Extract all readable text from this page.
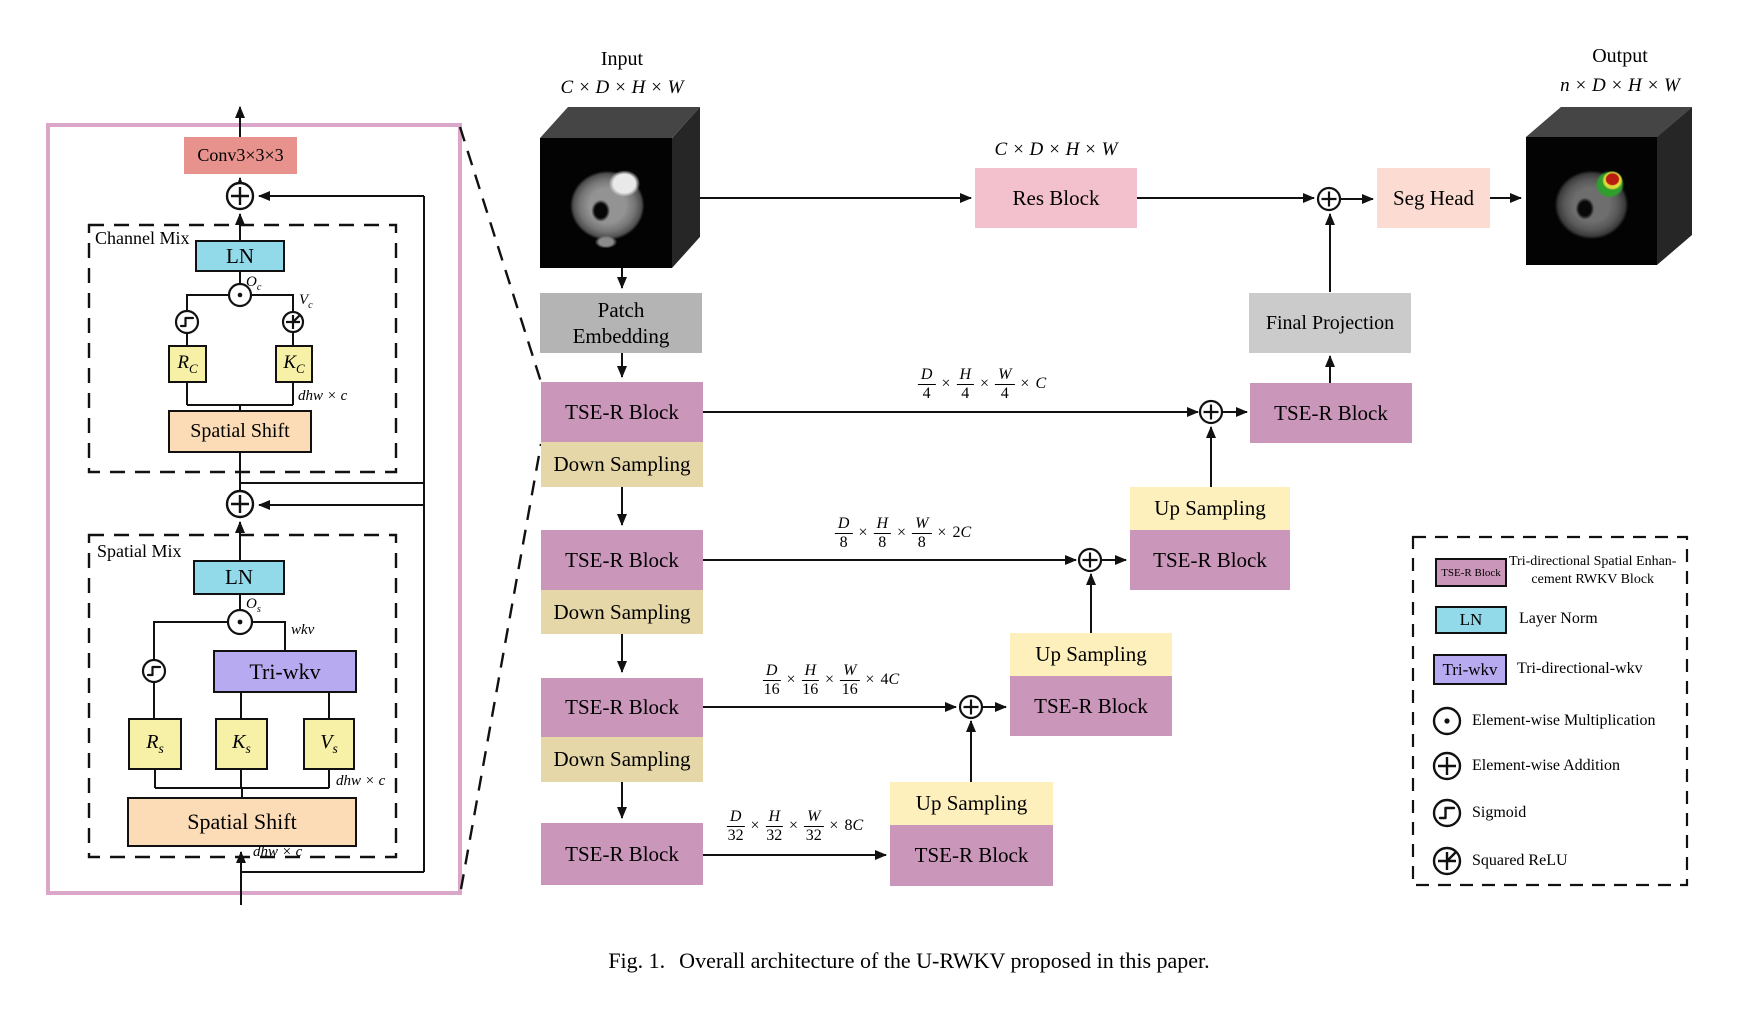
Conv3×3×3
Channel Mix
LN
$O_c$
$V_c$
$R_C$	$K_C$
dhw × c
Spatial Shift
Spatial Mix
LN
$O_s$
wkv
Tri-wkv
$R_s$	$K_s$	$V_s$
dhw × c
Spatial Shift
dhw × c
Input
C × D × H × W
Output
n × D × H × W
C × D × H × W
Res Block	Seg Head
Final Projection
Patch Embedding
TSE-R Block
Down Sampling
TSE-R Block
Down Sampling
TSE-R Block
Down Sampling
TSE-R Block
TSE-R Block
Up Sampling
TSE-R Block
Up Sampling
TSE-R Block
Up Sampling
TSE-R Block
$\frac{D}{4} \times \frac{H}{4} \times \frac{W}{4} \times C$
$\frac{D}{8} \times \frac{H}{8} \times \frac{W}{8} \times 2C$
$\frac{D}{16} \times \frac{H}{16} \times \frac{W}{16} \times 4C$
$\frac{D}{32} \times \frac{H}{32} \times \frac{W}{32} \times 8C$
TSE-R Block
Tri-directional Spatial Enhan-
cement RWKV Block
LN Layer Norm
Tri-wkv Tri-directional-wkv
Element-wise Multiplication
Element-wise Addition
Sigmoid
Squared ReLU
Fig. 1. Overall architecture of the U-RWKV proposed in this paper.
